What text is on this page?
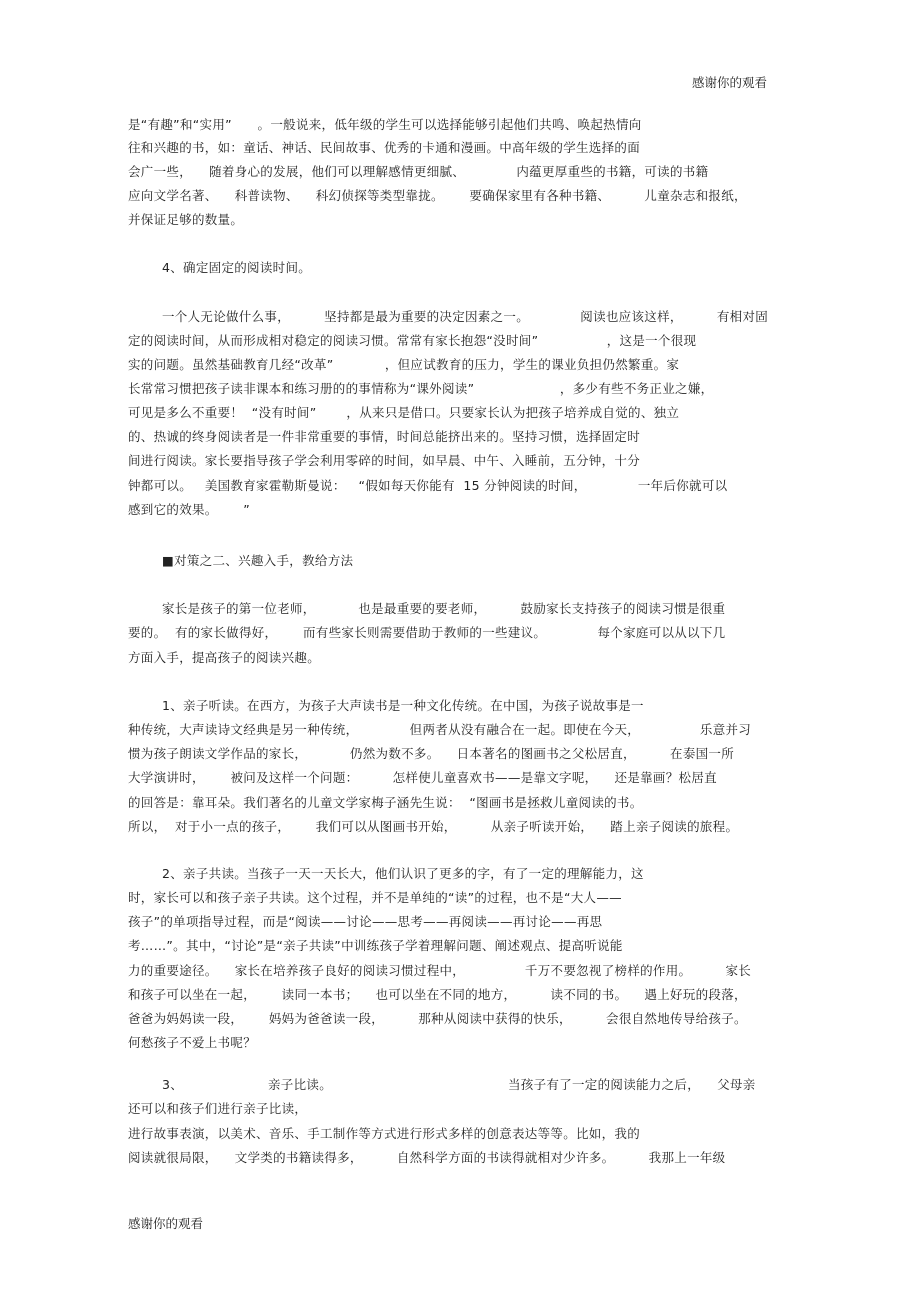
感谢你的观看
是“有趣”和“实用”      。一般说来，低年级的学生可以选择能够引起他们共鸣、唤起热情向
往和兴趣的书，如：童话、神话、民间故事、优秀的卡通和漫画。中高年级的学生选择的面
会广一些，    随着身心的发展，他们可以理解感情更细腻、            内蕴更厚重些的书籍，可读的书籍
应向文学名著、    科普读物、    科幻侦探等类型靠拢。      要确保家里有各种书籍、        儿童杂志和报纸，
并保证足够的数量。
4、确定固定的阅读时间。
一个人无论做什么事，        坚持都是最为重要的决定因素之一。            阅读也应该这样，        有相对固
定的阅读时间，从而形成相对稳定的阅读习惯。常常有家长抱怨“没时间”                ，这是一个很现
实的问题。虽然基础教育几经“改革”            ，但应试教育的压力，学生的课业负担仍然繁重。家
长常常习惯把孩子读非课本和练习册的的事情称为“课外阅读”                    ，多少有些不务正业之嫌，
可见是多么不重要！  “没有时间”       ，从来只是借口。只要家长认为把孩子培养成自觉的、独立
的、热诚的终身阅读者是一件非常重要的事情，时间总能挤出来的。坚持习惯，选择固定时
间进行阅读。家长要指导孩子学会利用零碎的时间，如早晨、中午、入睡前，五分钟，十分
钟都可以。   美国教育家霍勒斯曼说：   “假如每天你能有  15 分钟阅读的时间，            一年后你就可以
感到它的效果。      ”
■对策之二、兴趣入手，教给方法
家长是孩子的第一位老师，          也是最重要的要老师，        鼓励家长支持孩子的阅读习惯是很重
要的。  有的家长做得好，      而有些家长则需要借助于教师的一些建议。            每个家庭可以从以下几
方面入手，提高孩子的阅读兴趣。
1、亲子听读。在西方，为孩子大声读书是一种文化传统。在中国，为孩子说故事是一
种传统，大声读诗文经典是另一种传统，            但两者从没有融合在一起。即使在今天，              乐意并习
惯为孩子朗读文学作品的家长，          仍然为数不多。    日本著名的图画书之父松居直，        在泰国一所
大学演讲时，      被问及这样一个问题：        怎样使儿童喜欢书——是靠文字呢，    还是靠画？松居直
的回答是：靠耳朵。我们著名的儿童文学家梅子涵先生说：  “图画书是拯救儿童阅读的书。
所以，  对于小一点的孩子，      我们可以从图画书开始，        从亲子听读开始，    踏上亲子阅读的旅程。
2、亲子共读。当孩子一天一天长大，他们认识了更多的字，有了一定的理解能力，这
时，家长可以和孩子亲子共读。这个过程，并不是单纯的“读”的过程，也不是“大人——
孩子”的单项指导过程，而是“阅读——讨论——思考——再阅读——再讨论——再思
考……”。其中，“讨论”是“亲子共读”中训练孩子学着理解问题、阐述观点、提高听说能
力的重要途径。    家长在培养孩子良好的阅读习惯过程中，              千万不要忽视了榜样的作用。        家长
和孩子可以坐在一起，      读同一本书；    也可以坐在不同的地方，        读不同的书。    遇上好玩的段落，
爸爸为妈妈读一段，      妈妈为爸爸读一段，        那种从阅读中获得的快乐，        会很自然地传导给孩子。
何愁孩子不爱上书呢？
还可以和孩子们进行亲子比读，
进行故事表演，以美术、音乐、手工制作等方式进行形式多样的创意表达等等。比如，我的
阅读就很局限，    文学类的书籍读得多，        自然科学方面的书读得就相对少许多。        我那上一年级
3、	亲子比读。	当孩子有了一定的阅读能力之后，    父母亲
感谢你的观看
